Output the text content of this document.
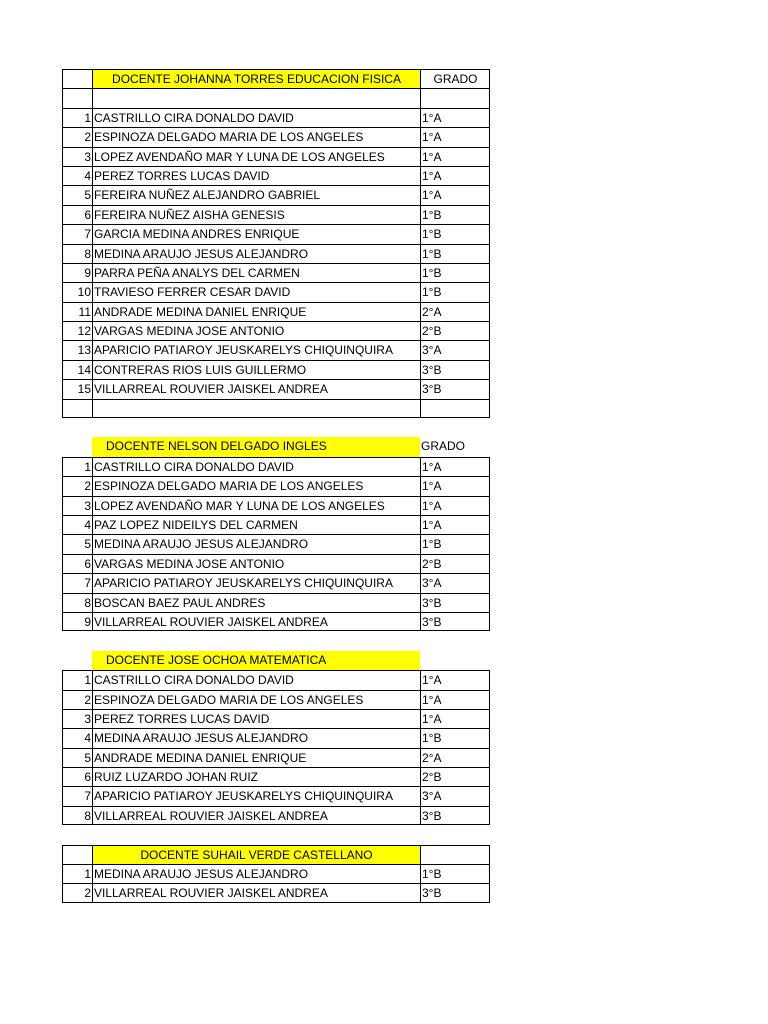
DOCENTE JOHANNA TORRES EDUCACION FISICA	GRADO
1 CASTRILLO CIRA DONALDO DAVID	1°A
2 ESPINOZA DELGADO MARIA DE LOS ANGELES	1°A
3 LOPEZ AVENDAÑO MAR Y LUNA DE LOS ANGELES	1°A
4 PEREZ TORRES LUCAS DAVID	1°A
5 FEREIRA NUÑEZ ALEJANDRO GABRIEL	1°A
6 FEREIRA NUÑEZ AISHA GENESIS	1°B
7 GARCIA MEDINA ANDRES ENRIQUE	1°B
8 MEDINA ARAUJO JESUS ALEJANDRO	1°B
9 PARRA PEÑA ANALYS DEL CARMEN	1°B
10 TRAVIESO FERRER CESAR DAVID	1°B
11 ANDRADE MEDINA DANIEL ENRIQUE	2°A
12 VARGAS MEDINA JOSE ANTONIO	2°B
13 APARICIO PATIAROY JEUSKARELYS CHIQUINQUIRA	3°A
14 CONTRERAS RIOS LUIS GUILLERMO	3°B
15 VILLARREAL ROUVIER JAISKEL ANDREA	3°B
DOCENTE NELSON DELGADO INGLES	GRADO
1 CASTRILLO CIRA DONALDO DAVID	1°A
2 ESPINOZA DELGADO MARIA DE LOS ANGELES	1°A
3 LOPEZ AVENDAÑO MAR Y LUNA DE LOS ANGELES	1°A
4 PAZ LOPEZ NIDEILYS DEL CARMEN	1°A
5 MEDINA ARAUJO JESUS ALEJANDRO	1°B
6 VARGAS MEDINA JOSE ANTONIO	2°B
7 APARICIO PATIAROY JEUSKARELYS CHIQUINQUIRA	3°A
8 BOSCAN BAEZ PAUL ANDRES	3°B
9 VILLARREAL ROUVIER JAISKEL ANDREA	3°B
DOCENTE JOSE OCHOA MATEMATICA
1 CASTRILLO CIRA DONALDO DAVID	1°A
2 ESPINOZA DELGADO MARIA DE LOS ANGELES	1°A
3 PEREZ TORRES LUCAS DAVID	1°A
4 MEDINA ARAUJO JESUS ALEJANDRO	1°B
5 ANDRADE MEDINA DANIEL ENRIQUE	2°A
6 RUIZ LUZARDO JOHAN RUIZ	2°B
7 APARICIO PATIAROY JEUSKARELYS CHIQUINQUIRA	3°A
8 VILLARREAL ROUVIER JAISKEL ANDREA	3°B
DOCENTE SUHAIL VERDE CASTELLANO
1 MEDINA ARAUJO JESUS ALEJANDRO	1°B
2 VILLARREAL ROUVIER JAISKEL ANDREA	3°B
